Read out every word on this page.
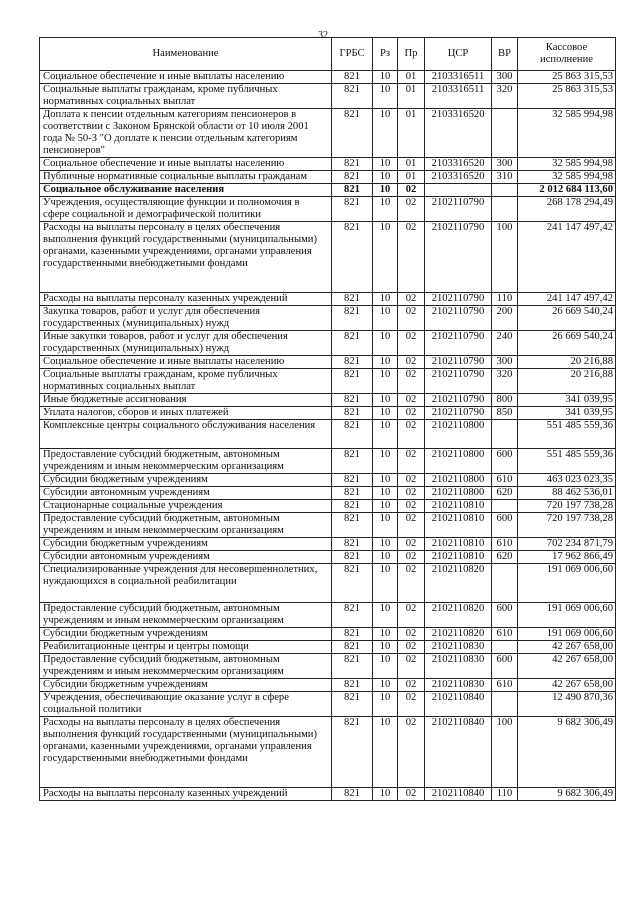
32
Наименование	ГРБС	Рз	Пр	ЦСР	ВР	Кассовое исполнение
Социальное обеспечение и иные выплаты населению	821	10	01	2103316511	300	25 863 315,53
Социальные выплаты гражданам, кроме публичных нормативных социальных выплат	821	10	01	2103316511	320	25 863 315,53
Доплата к пенсии отдельным категориям пенсионеров в соответствии с Законом Брянской области от 10 июля 2001 года № 50-З "О доплате к пенсии отдельным категориям пенсионеров"	821	10	01	2103316520		32 585 994,98
Социальное обеспечение и иные выплаты населению	821	10	01	2103316520	300	32 585 994,98
Публичные нормативные социальные выплаты гражданам	821	10	01	2103316520	310	32 585 994,98
Социальное обслуживание населения	821	10	02			2 012 684 113,60
Учреждения, осуществляющие функции и полномочия в сфере социальной и демографической политики	821	10	02	2102110790		268 178 294,49
Расходы на выплаты персоналу в целях обеспечения выполнения функций государственными (муниципальными) органами, казенными учреждениями, органами управления государственными внебюджетными фондами	821	10	02	2102110790	100	241 147 497,42
Расходы на выплаты персоналу казенных учреждений	821	10	02	2102110790	110	241 147 497,42
Закупка товаров, работ и услуг для обеспечения государственных (муниципальных) нужд	821	10	02	2102110790	200	26 669 540,24
Иные закупки товаров, работ и услуг для обеспечения государственных (муниципальных) нужд	821	10	02	2102110790	240	26 669 540,24
Социальное обеспечение и иные выплаты населению	821	10	02	2102110790	300	20 216,88
Социальные выплаты гражданам, кроме публичных нормативных социальных выплат	821	10	02	2102110790	320	20 216,88
Иные бюджетные ассигнования	821	10	02	2102110790	800	341 039,95
Уплата налогов, сборов и иных платежей	821	10	02	2102110790	850	341 039,95
Комплексные центры социального обслуживания населения	821	10	02	2102110800		551 485 559,36
Предоставление субсидий бюджетным, автономным учреждениям и иным некоммерческим организациям	821	10	02	2102110800	600	551 485 559,36
Субсидии бюджетным учреждениям	821	10	02	2102110800	610	463 023 023,35
Субсидии автономным учреждениям	821	10	02	2102110800	620	88 462 536,01
Стационарные социальные учреждения	821	10	02	2102110810		720 197 738,28
Предоставление субсидий бюджетным, автономным учреждениям и иным некоммерческим организациям	821	10	02	2102110810	600	720 197 738,28
Субсидии бюджетным учреждениям	821	10	02	2102110810	610	702 234 871,79
Субсидии автономным учреждениям	821	10	02	2102110810	620	17 962 866,49
Специализированные учреждения для несовершеннолетних, нуждающихся в социальной реабилитации	821	10	02	2102110820		191 069 006,60
Предоставление субсидий бюджетным, автономным учреждениям и иным некоммерческим организациям	821	10	02	2102110820	600	191 069 006,60
Субсидии бюджетным учреждениям	821	10	02	2102110820	610	191 069 006,60
Реабилитационные центры и центры помощи	821	10	02	2102110830		42 267 658,00
Предоставление субсидий бюджетным, автономным учреждениям и иным некоммерческим организациям	821	10	02	2102110830	600	42 267 658,00
Субсидии бюджетным учреждениям	821	10	02	2102110830	610	42 267 658,00
Учреждения, обеспечивающие оказание услуг в сфере социальной политики	821	10	02	2102110840		12 490 870,36
Расходы на выплаты персоналу в целях обеспечения выполнения функций государственными (муниципальными) органами, казенными учреждениями, органами управления государственными внебюджетными фондами	821	10	02	2102110840	100	9 682 306,49
Расходы на выплаты персоналу казенных учреждений	821	10	02	2102110840	110	9 682 306,49
